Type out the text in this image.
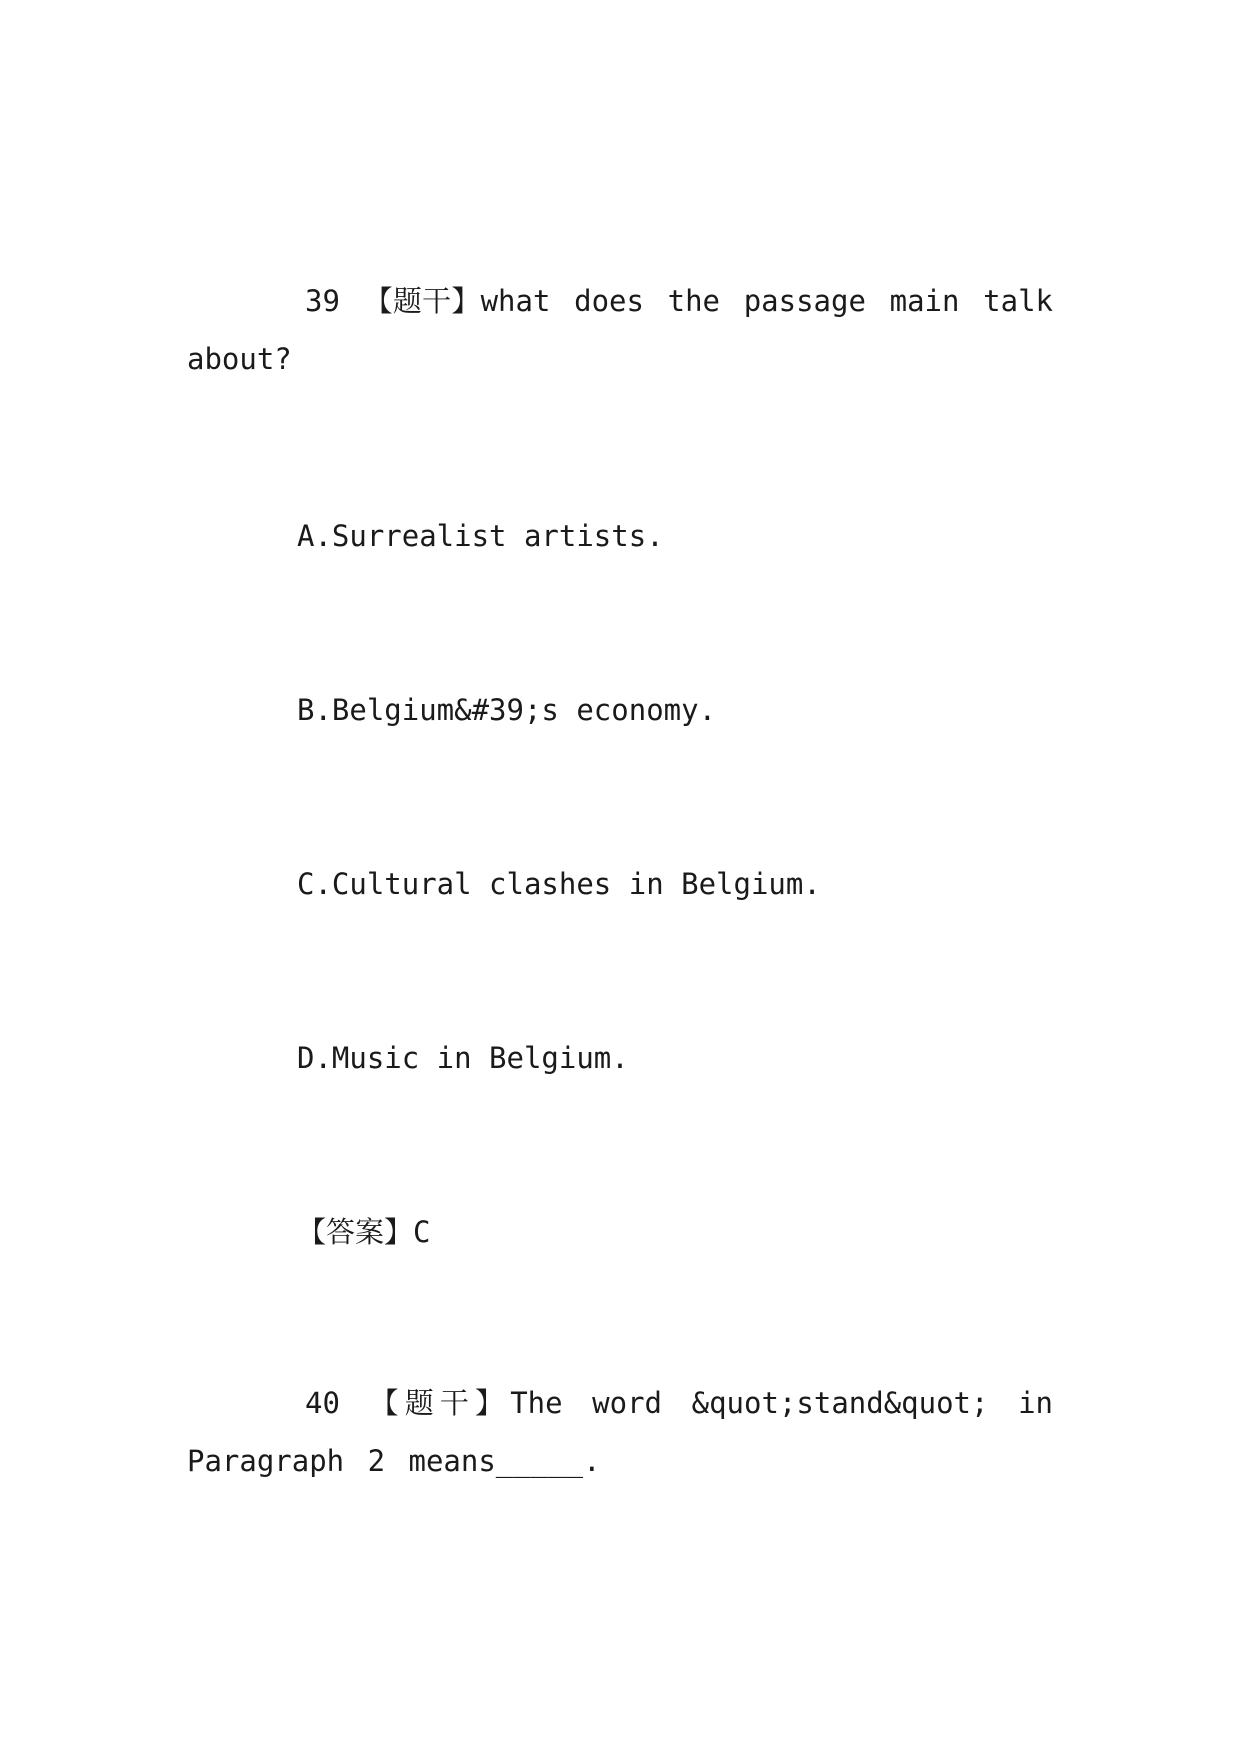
39 【题干】what does the passage main talk about?
A.Surrealist artists.
B.Belgium&#39;s economy.
C.Cultural clashes in Belgium.
D.Music in Belgium.
【答案】C
40 【题干】The word &quot;stand&quot; in Paragraph 2 means_____.
